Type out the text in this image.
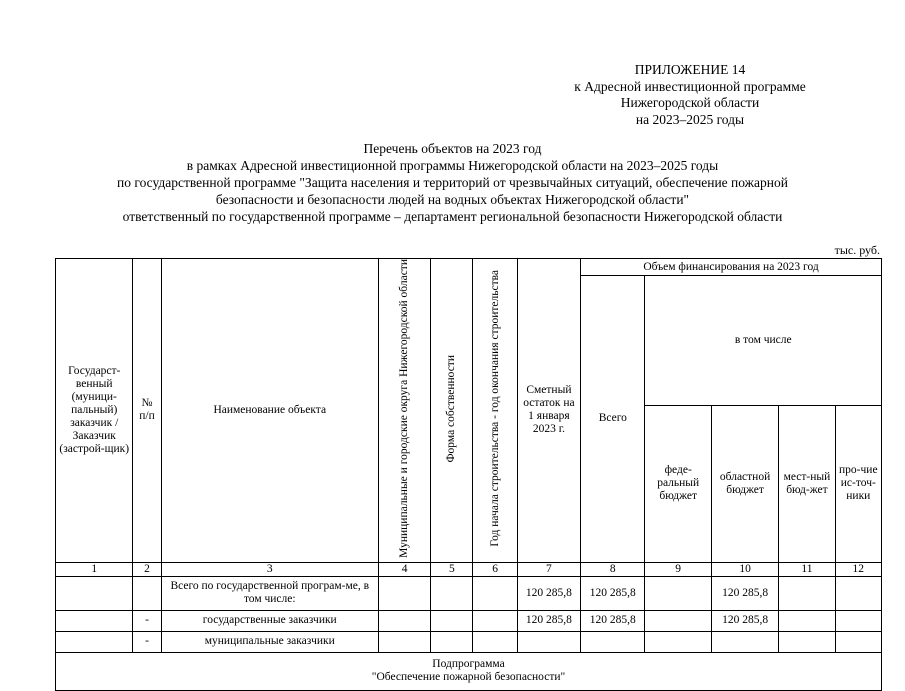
ПРИЛОЖЕНИЕ 14
к Адресной инвестиционной программе
Нижегородской области
на 2023–2025 годы
Перечень объектов на 2023 год
в рамках Адресной инвестиционной программы Нижегородской области на 2023–2025 годы
по государственной программе "Защита населения и территорий от чрезвычайных ситуаций, обеспечение пожарной
безопасности и безопасности людей на водных объектах Нижегородской области"
ответственный по государственной программе – департамент региональной безопасности Нижегородской области
тыс. руб.
Государст-венный (муници-пальный) заказчик / Заказчик (застрой-щик)	№ п/п	Наименование объекта	Муниципальные и городские округа Нижегородской области	Форма собственности	Год начала строительства - год окончания строительства	Сметный остаток на 1 января 2023 г.	Объем финансирования на 2023 год				
							Всего	в том числе			
								феде-ральный бюджет	областной бюджет	мест-ный бюд-жет	про-чие ис-точ-ники
1	2	3	4	5	6	7	8	9	10	11	12
		Всего по государственной програм-ме, в том числе:				120 285,8	120 285,8		120 285,8		
	-	государственные заказчики				120 285,8	120 285,8		120 285,8		
	-	муниципальные заказчики									

Подпрограмма
"Обеспечение пожарной безопасности"											
